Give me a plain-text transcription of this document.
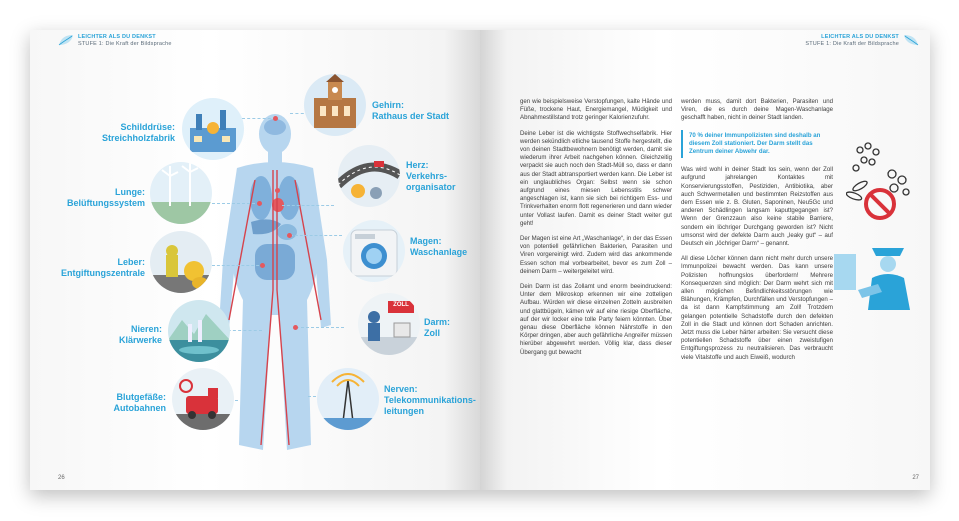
LEICHTER ALS DU DENKST
STUFE 1: Die Kraft der Bildsprache
ZOLL
Schilddrüse:
Streichholzfabrik
Lunge:
Belüftungssystem
Leber:
Entgiftungszentrale
Nieren:
Klärwerke
Blutgefäße:
Autobahnen
Gehirn:
Rathaus der Stadt
Herz:
Verkehrs-
organisator
Magen:
Waschanlage
Darm:
Zoll
Nerven:
Telekommunikations-
leitungen
26
LEICHTER ALS DU DENKST
STUFE 1: Die Kraft der Bildsprache

gen wie beispielsweise Verstopfungen, kalte Hände und Füße, trockene Haut, Energiemangel, Müdigkeit und Abnahmestillstand trotz geringer Kalorienzufuhr.

Deine Leber ist die wichtigste Stoffwechselfabrik. Hier werden sekündlich etliche tausend Stoffe hergestellt, die von deinen Stadtbewohnern benötigt werden, damit sie wiederum ihrer Arbeit nachgehen können. Gleichzeitig verpackt sie auch noch den Stadt-Müll so, dass er dann aus der Stadt abtransportiert werden kann. Die Leber ist ein unglaubliches Organ: Selbst wenn sie schon aufgrund eines miesen Lebensstils schwer angeschlagen ist, kann sie sich bei richtigem Ess- und Trinkverhalten enorm flott regenerieren und dann wieder unter Vollast laufen. Damit es deiner Stadt weiter gut geht!

Der Magen ist eine Art „Waschanlage“, in der das Essen von potentiell gefährlichen Bakterien, Parasiten und Viren vorgereinigt wird. Zudem wird das ankommende Essen schon mal vorbearbeitet, bevor es zum Zoll – deinem Darm – weitergeleitet wird.

Dein Darm ist das Zollamt und enorm beeindruckend: Unter dem Mikroskop erkennen wir eine zotteligen Aufbau. Würden wir diese einzelnen Zotteln ausbreiten und glattbügeln, kämen wir auf eine riesige Oberfläche, auf der wir locker eine tolle Party feiern könnten. Über genau diese Oberfläche können Nährstoffe in den Körper dringen, aber auch gefährliche Angreifer müssen hierüber abgewehrt werden. Völlig klar, dass dieser Übergang gut bewacht

werden muss, damit dort Bakterien, Parasiten und Viren, die es durch deine Magen-Waschanlage geschafft haben, nicht in deiner Stadt landen.

70 % deiner Immunpolizisten sind deshalb an diesem Zoll stationiert. Der Darm stellt das Zentrum deiner Abwehr dar.

Was wird wohl in deiner Stadt los sein, wenn der Zoll aufgrund jahrelangen Kontaktes mit Konservierungsstoffen, Pestiziden, Antibiotika, aber auch Schwermetallen und bestimmten Reizstoffen aus dem Essen wie z. B. Gluten, Saponinen, Neu5Gc und anderen Schädlingen langsam kaputtgegangen ist? Wenn der Grenzzaun also keine stabile Barriere, sondern ein löchriger Durchgang geworden ist? Nicht umsonst wird der defekte Darm auch „leaky gut“ – auf Deutsch ein „löchriger Darm“ – genannt.

All diese Löcher können dann nicht mehr durch unsere Immunpolizei bewacht werden. Das kann unsere Polizisten hoffnungslos überfordern! Mehrere Konsequenzen sind möglich: Der Darm wehrt sich mit allen möglichen Befindlichkeitsstörungen wie Blähungen, Krämpfen, Durchfällen und Verstopfungen – da ist dann Kampfstimmung am Zoll! Trotzdem gelangen potentielle Schadstoffe durch den defekten Zoll in die Stadt und können dort Schaden anrichten. Jetzt muss die Leber härter arbeiten: Sie versucht diese potentiellen Schadstoffe über einen zweistufigen Entgiftungsprozess zu neutralisieren. Das verbraucht viele Vitalstoffe und auch Eiweiß, wodurch

27
